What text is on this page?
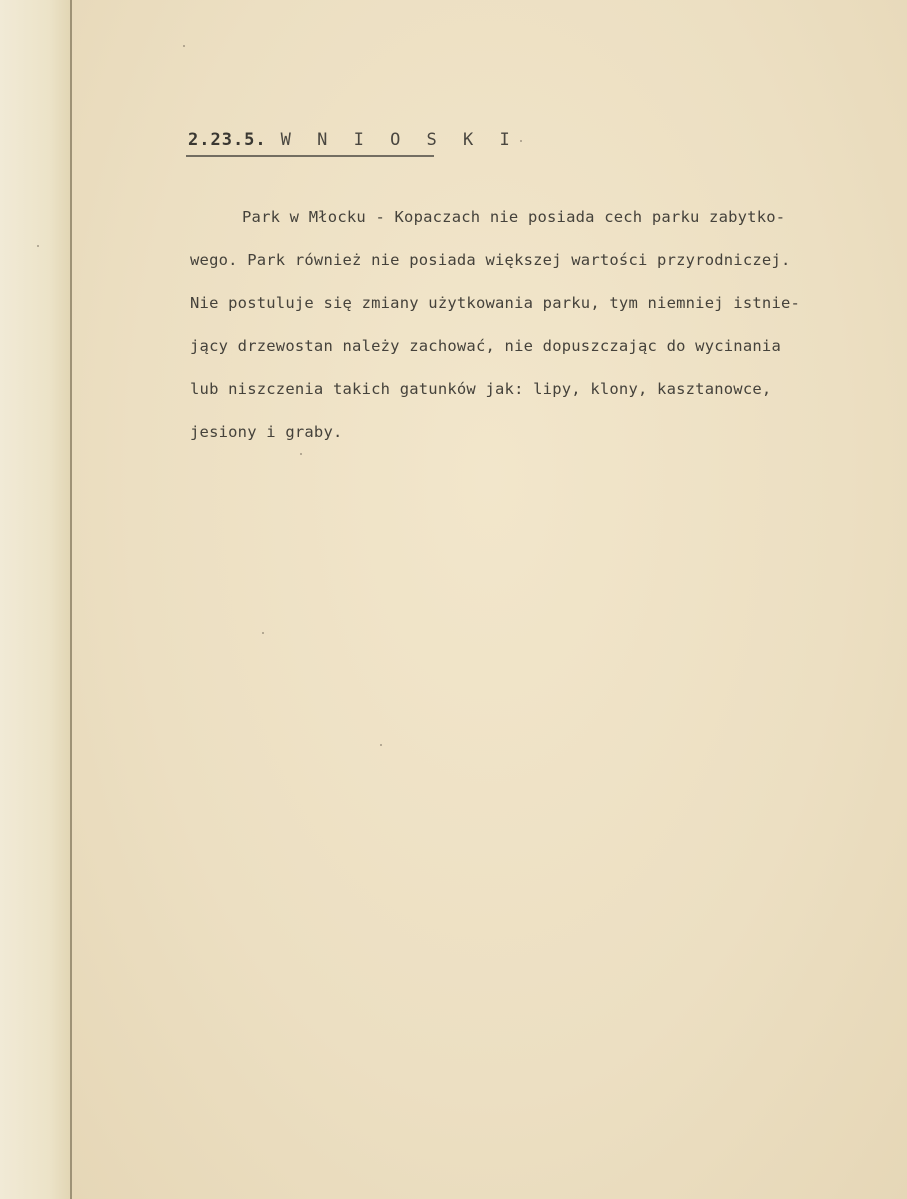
2.23.5. W N I O S K I
Park w Młocku - Kopaczach nie posiada cech parku zabytko-
wego. Park również nie posiada większej wartości przyrodniczej.
Nie postuluje się zmiany użytkowania parku, tym niemniej istnie-
jący drzewostan należy zachować, nie dopuszczając do wycinania
lub niszczenia takich gatunków jak: lipy, klony, kasztanowce,
jesiony i graby.
